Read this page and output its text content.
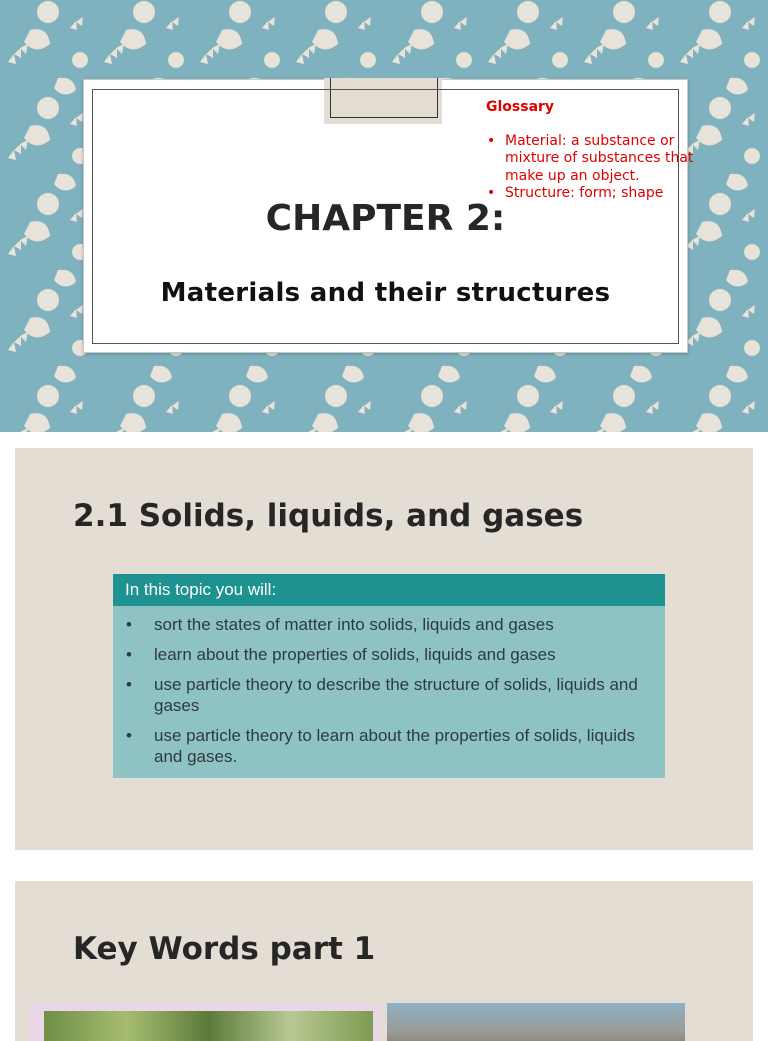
Glossary
• Material: a substance or mixture of substances that make up an object.
• Structure: form; shape
CHAPTER 2:
Materials and their structures
2.1 Solids, liquids, and gases
In this topic you will:
• sort the states of matter into solids, liquids and gases
• learn about the properties of solids, liquids and gases
• use particle theory to describe the structure of solids, liquids and gases
• use particle theory to learn about the properties of solids, liquids and gases.
Key Words part 1
